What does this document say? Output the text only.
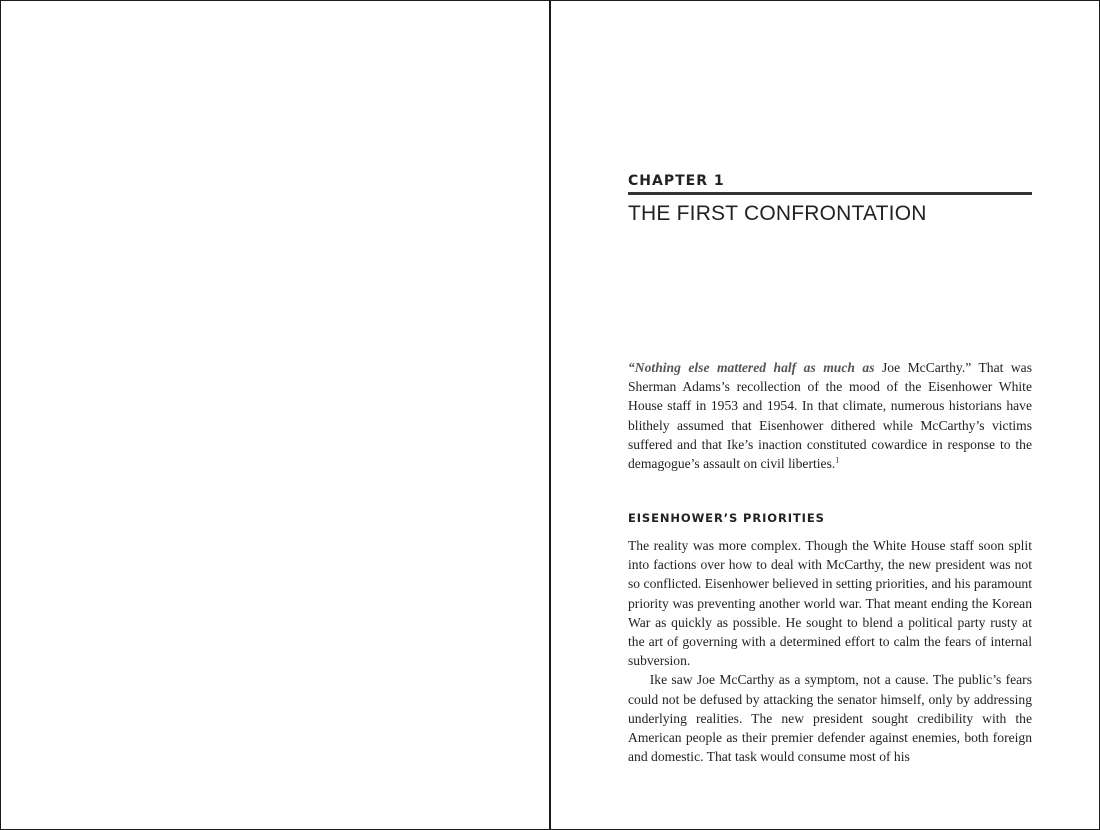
CHAPTER 1
THE FIRST CONFRONTATION

“Nothing else mattered half as much as Joe McCarthy.” That was Sherman Adams’s recollection of the mood of the Eisenhower White House staff in 1953 and 1954. In that climate, numerous historians have blithely assumed that Eisenhower dithered while McCarthy’s victims suffered and that Ike’s inaction constituted cowardice in response to the demagogue’s assault on civil liberties.$^1$

EISENHOWER’S PRIORITIES

The reality was more complex. Though the White House staff soon split into factions over how to deal with McCarthy, the new president was not so conflicted. Eisenhower believed in setting priorities, and his paramount priority was preventing another world war. That meant ending the Korean War as quickly as possible. He sought to blend a political party rusty at the art of governing with a determined effort to calm the fears of internal subversion.

Ike saw Joe McCarthy as a symptom, not a cause. The public’s fears could not be defused by attacking the senator himself, only by addressing underlying realities. The new president sought credibility with the American people as their premier defender against enemies, both foreign and domestic. That task would consume most of his
